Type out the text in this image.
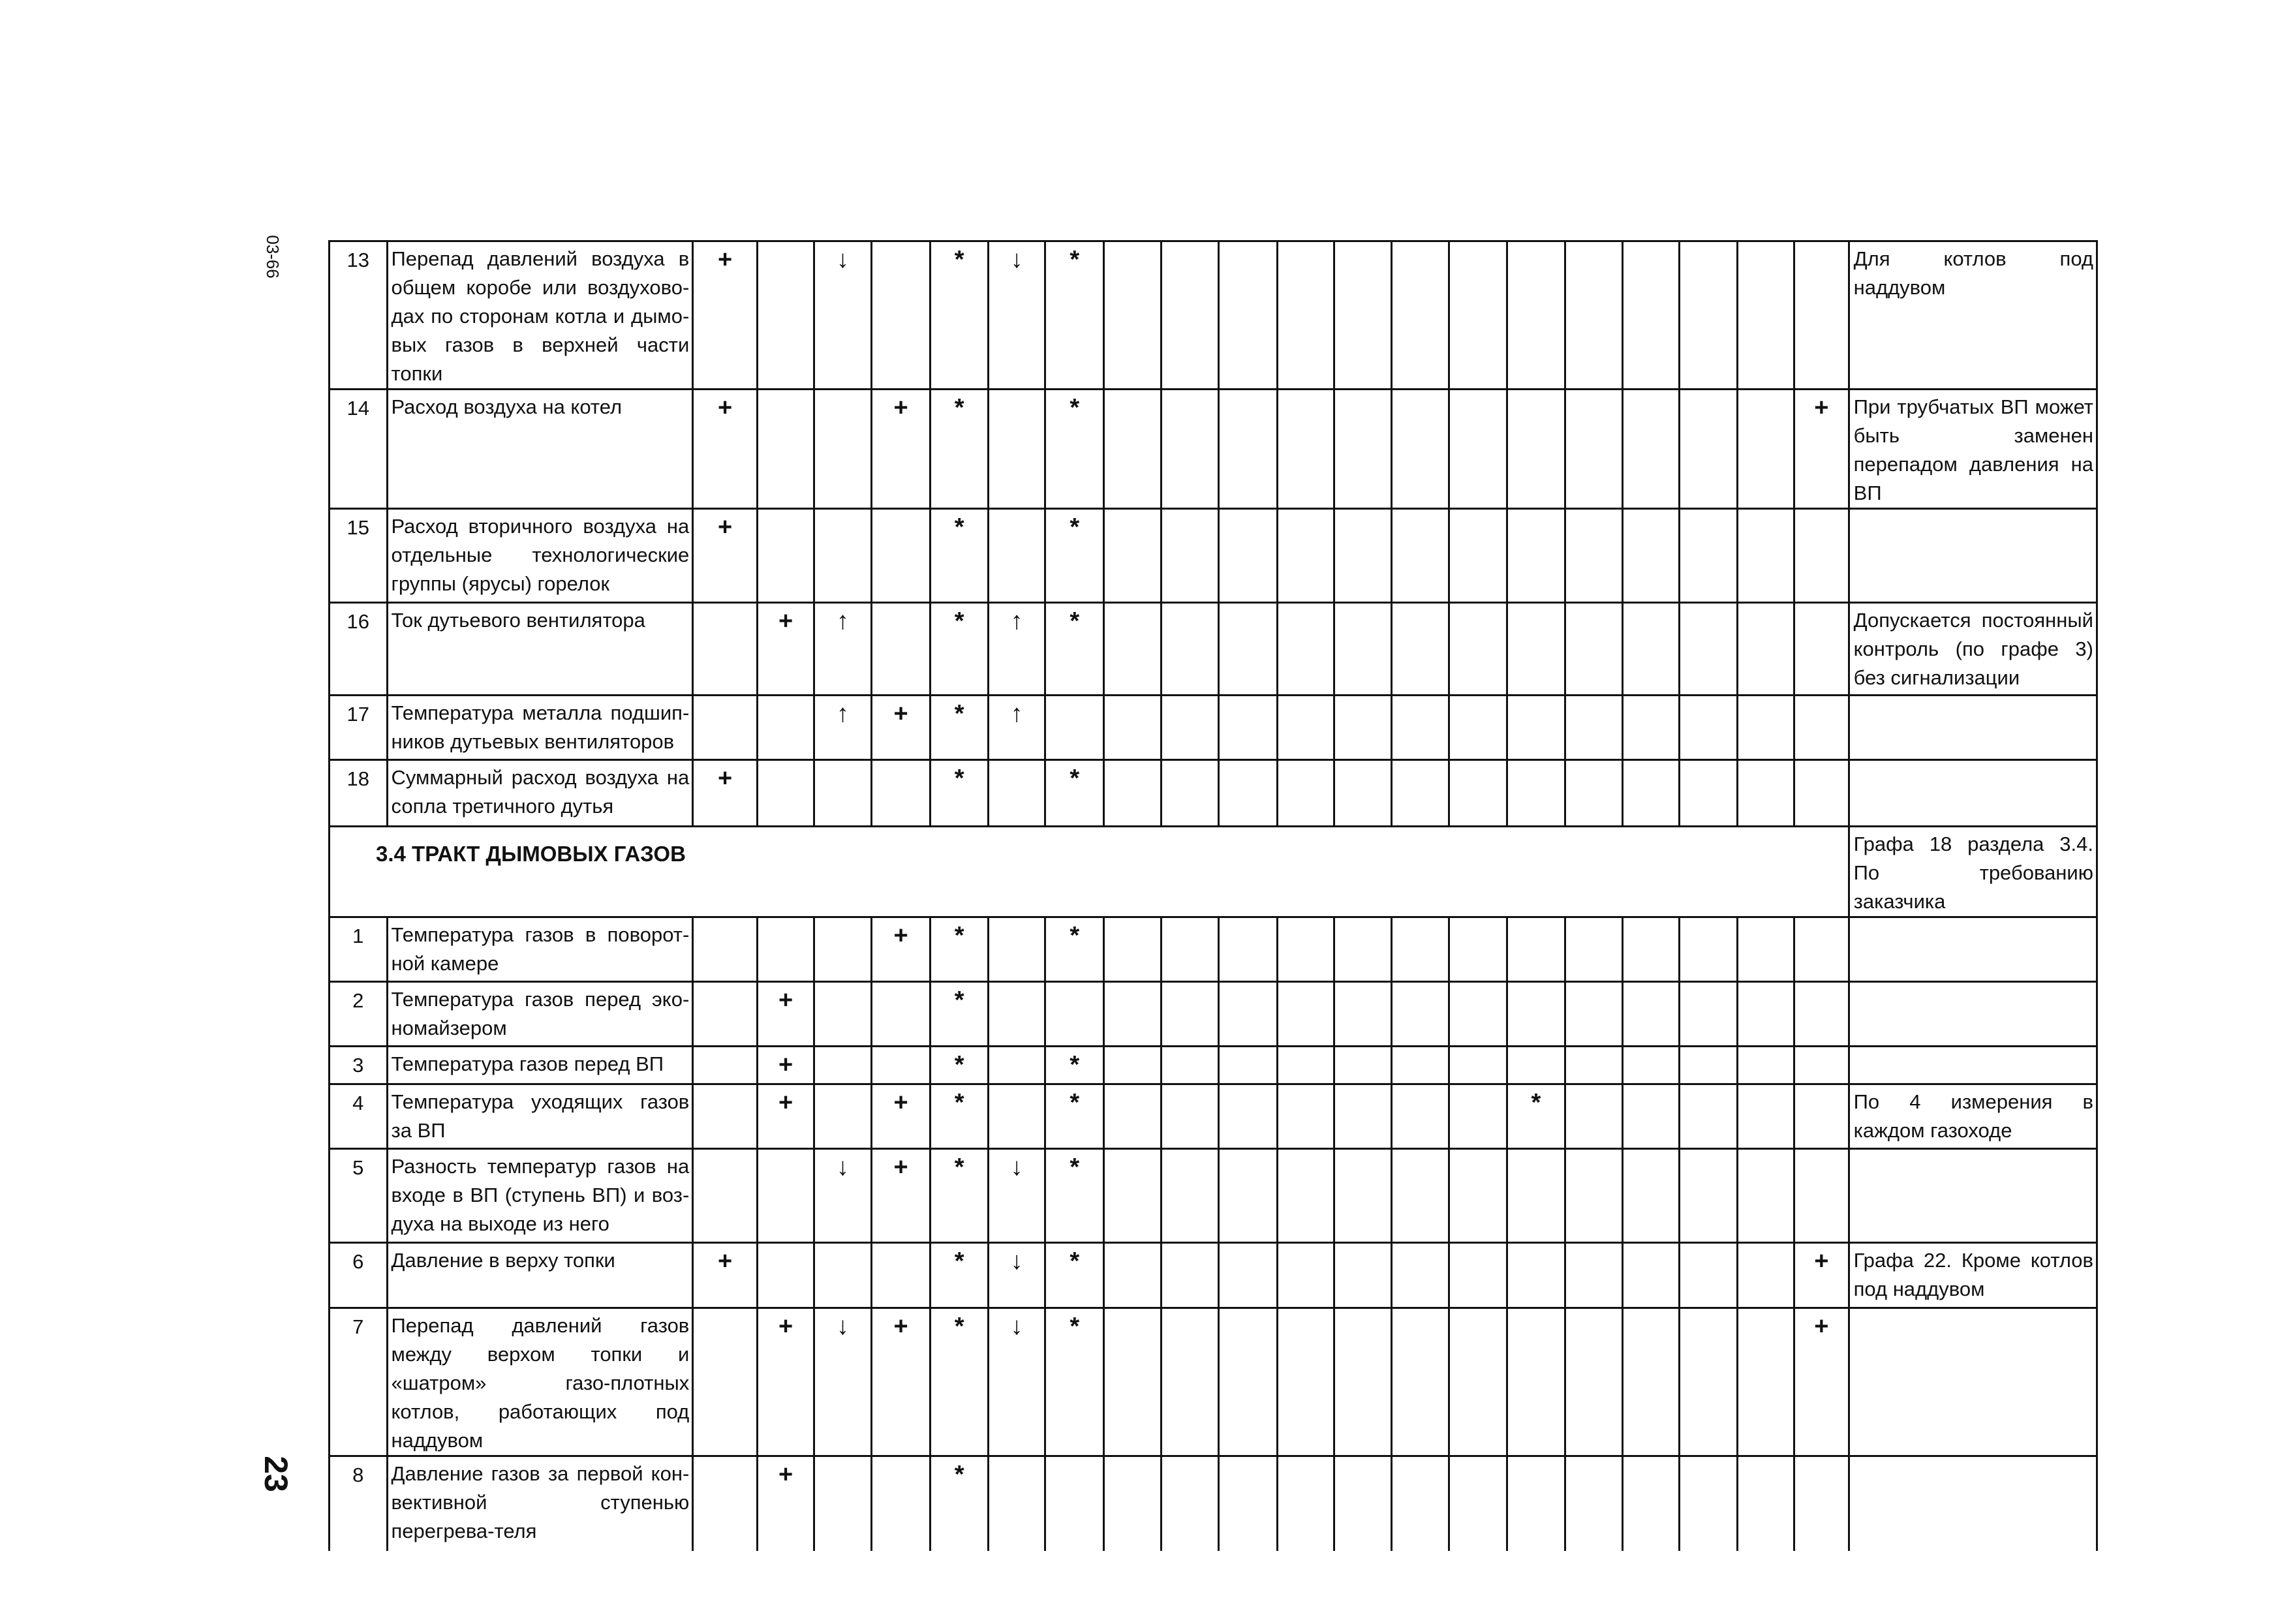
03-66
23
13	Перепад давлений воздуха в общем коробе или воздухово-дах по сторонам котла и дымо-вых газов в верхней части топки	+		↓		*	↓	*														Для котлов под наддувом
14	Расход воздуха на котел	+			+	*		*													+	При трубчатых ВП может быть заменен перепадом давления на ВП
15	Расход вторичного воздуха на отдельные технологические группы (ярусы) горелок	+				*		*														
16	Ток дутьевого вентилятора		+	↑		*	↑	*														Допускается постоянный контроль (по графе 3) без сигнализации
17	Температура металла подшип-ников дутьевых вентиляторов			↑	+	*	↑															
18	Суммарный расход воздуха на сопла третичного дутья	+				*		*														
3.4 ТРАКТ ДЫМОВЫХ ГАЗОВ																						Графа 18 раздела 3.4. По требованию заказчика
1	Температура газов в поворот-ной камере				+	*		*														
2	Температура газов перед эко-номайзером		+			*																
3	Температура газов перед ВП		+			*		*														
4	Температура уходящих газов за ВП		+		+	*		*								*						По 4 измерения в каждом газоходе
5	Разность температур газов на входе в ВП (ступень ВП) и воз-духа на выходе из него			↓	+	*	↓	*														
6	Давление в верху топки	+				*	↓	*													+	Графа 22. Кроме котлов под наддувом
7	Перепад давлений газов между верхом топки и «шатром» газо-плотных котлов, работающих под наддувом		+	↓	+	*	↓	*													+	
8	Давление газов за первой кон-вективной ступенью перегрева-теля		+			*																
